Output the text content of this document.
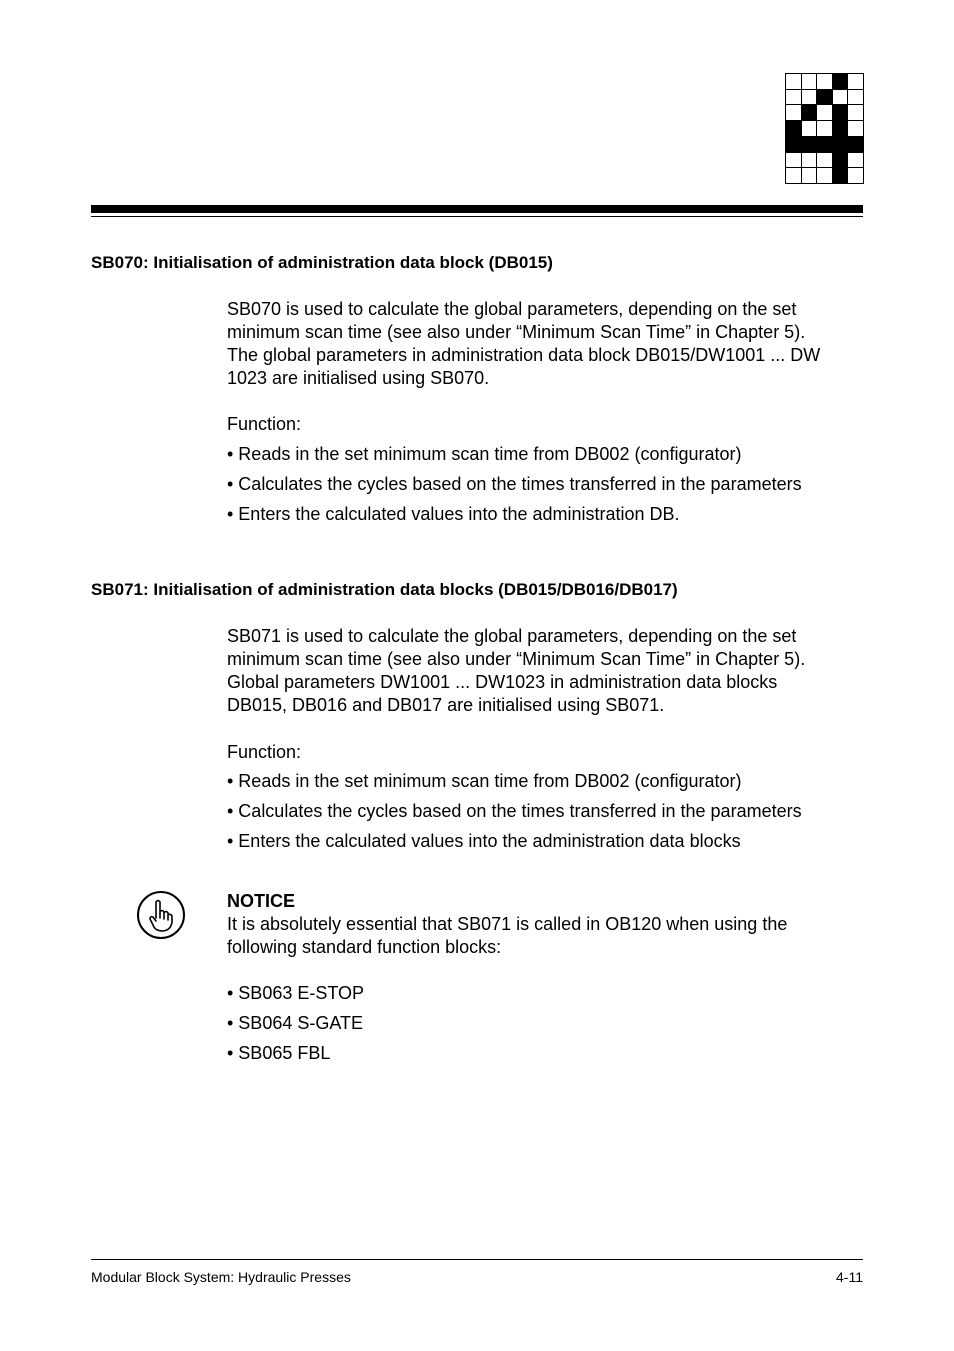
SB070: Initialisation of administration data block (DB015)

SB070 is used to calculate the global parameters, depending on the set

minimum scan time (see also under “Minimum Scan Time” in Chapter 5).

The global parameters in administration data block DB015/DW1001 ... DW

1023 are initialised using SB070.

Function:
• Reads in the set minimum scan time from DB002 (configurator)
• Calculates the cycles based on the times transferred in the parameters
• Enters the calculated values into the administration DB.
SB071: Initialisation of administration data blocks (DB015/DB016/DB017)

SB071 is used to calculate the global parameters, depending on the set

minimum scan time (see also under “Minimum Scan Time” in Chapter 5).

Global parameters DW1001 ... DW1023 in administration data blocks

DB015, DB016 and DB017 are initialised using SB071.

Function:
• Reads in the set minimum scan time from DB002 (configurator)
• Calculates the cycles based on the times transferred in the parameters
• Enters the calculated values into the administration data blocks

NOTICE

It is absolutely essential that SB071 is called in OB120 when using the

following standard function blocks:

• SB063 E-STOP
• SB064 S-GATE
• SB065 FBL
Modular Block System: Hydraulic Presses	4-11
